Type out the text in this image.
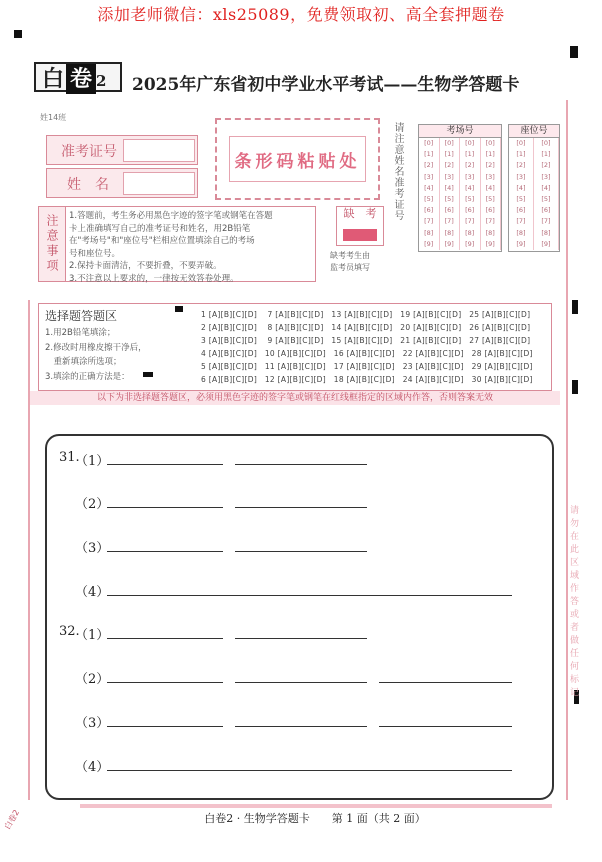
添加老师微信：xls25089，免费领取初、高全套押题卷
白 卷 2	2025年广东省初中学业水平考试——生物学答题卡
姓14班
准考证号
姓　名
条形码粘贴处	请注意姓名准考证号	考场号
[0]	[0]	[0]	[0]
[1]	[1]	[1]	[1]
[2]	[2]	[2]	[2]
[3]	[3]	[3]	[3]
[4]	[4]	[4]	[4]
[5]	[5]	[5]	[5]
[6]	[6]	[6]	[6]
[7]	[7]	[7]	[7]
[8]	[8]	[8]	[8]
[9]	[9]	[9]	[9]
座位号
[0]	[0]
[1]	[1]
[2]	[2]
[3]	[3]
[4]	[4]
[5]	[5]
[6]	[6]
[7]	[7]
[8]	[8]
[9]	[9]
注意事项	1.答题前，考生务必用黑色字迹的签字笔或钢笔在答题
卡上准确填写自己的准考证号和姓名，用2B铅笔
在"考场号"和"座位号"栏相应位置填涂自己的考场
号和座位号。
2.保持卡面清洁，不要折叠，不要弄破。
3.不注意以上要求的，一律按无效答卷处理。
缺　考
缺考考生由
监考员填写
选择题答题区
1.用2B铅笔填涂；
2.修改时用橡皮擦干净后，
　重新填涂所选项；
3.填涂的正确方法是：
1 [A][B][C][D]　 7 [A][B][C][D]　13 [A][B][C][D]　19 [A][B][C][D]　25 [A][B][C][D]
2 [A][B][C][D]　 8 [A][B][C][D]　14 [A][B][C][D]　20 [A][B][C][D]　26 [A][B][C][D]
3 [A][B][C][D]　 9 [A][B][C][D]　15 [A][B][C][D]　21 [A][B][C][D]　27 [A][B][C][D]
4 [A][B][C][D]　10 [A][B][C][D]　16 [A][B][C][D]　22 [A][B][C][D]　28 [A][B][C][D]
5 [A][B][C][D]　11 [A][B][C][D]　17 [A][B][C][D]　23 [A][B][C][D]　29 [A][B][C][D]
6 [A][B][C][D]　12 [A][B][C][D]　18 [A][B][C][D]　24 [A][B][C][D]　30 [A][B][C][D]
以下为非选择题答题区，必须用黑色字迹的签字笔或钢笔在红线框指定的区域内作答，否则答案无效
31.
（1）
（2）
（3）
（4）
32.
（1）
（2）
（3）
（4）
请勿在此区域作答或者做任何标记
白卷2 · 生物学答题卡　　第 1 面（共 2 面）
白卷2
